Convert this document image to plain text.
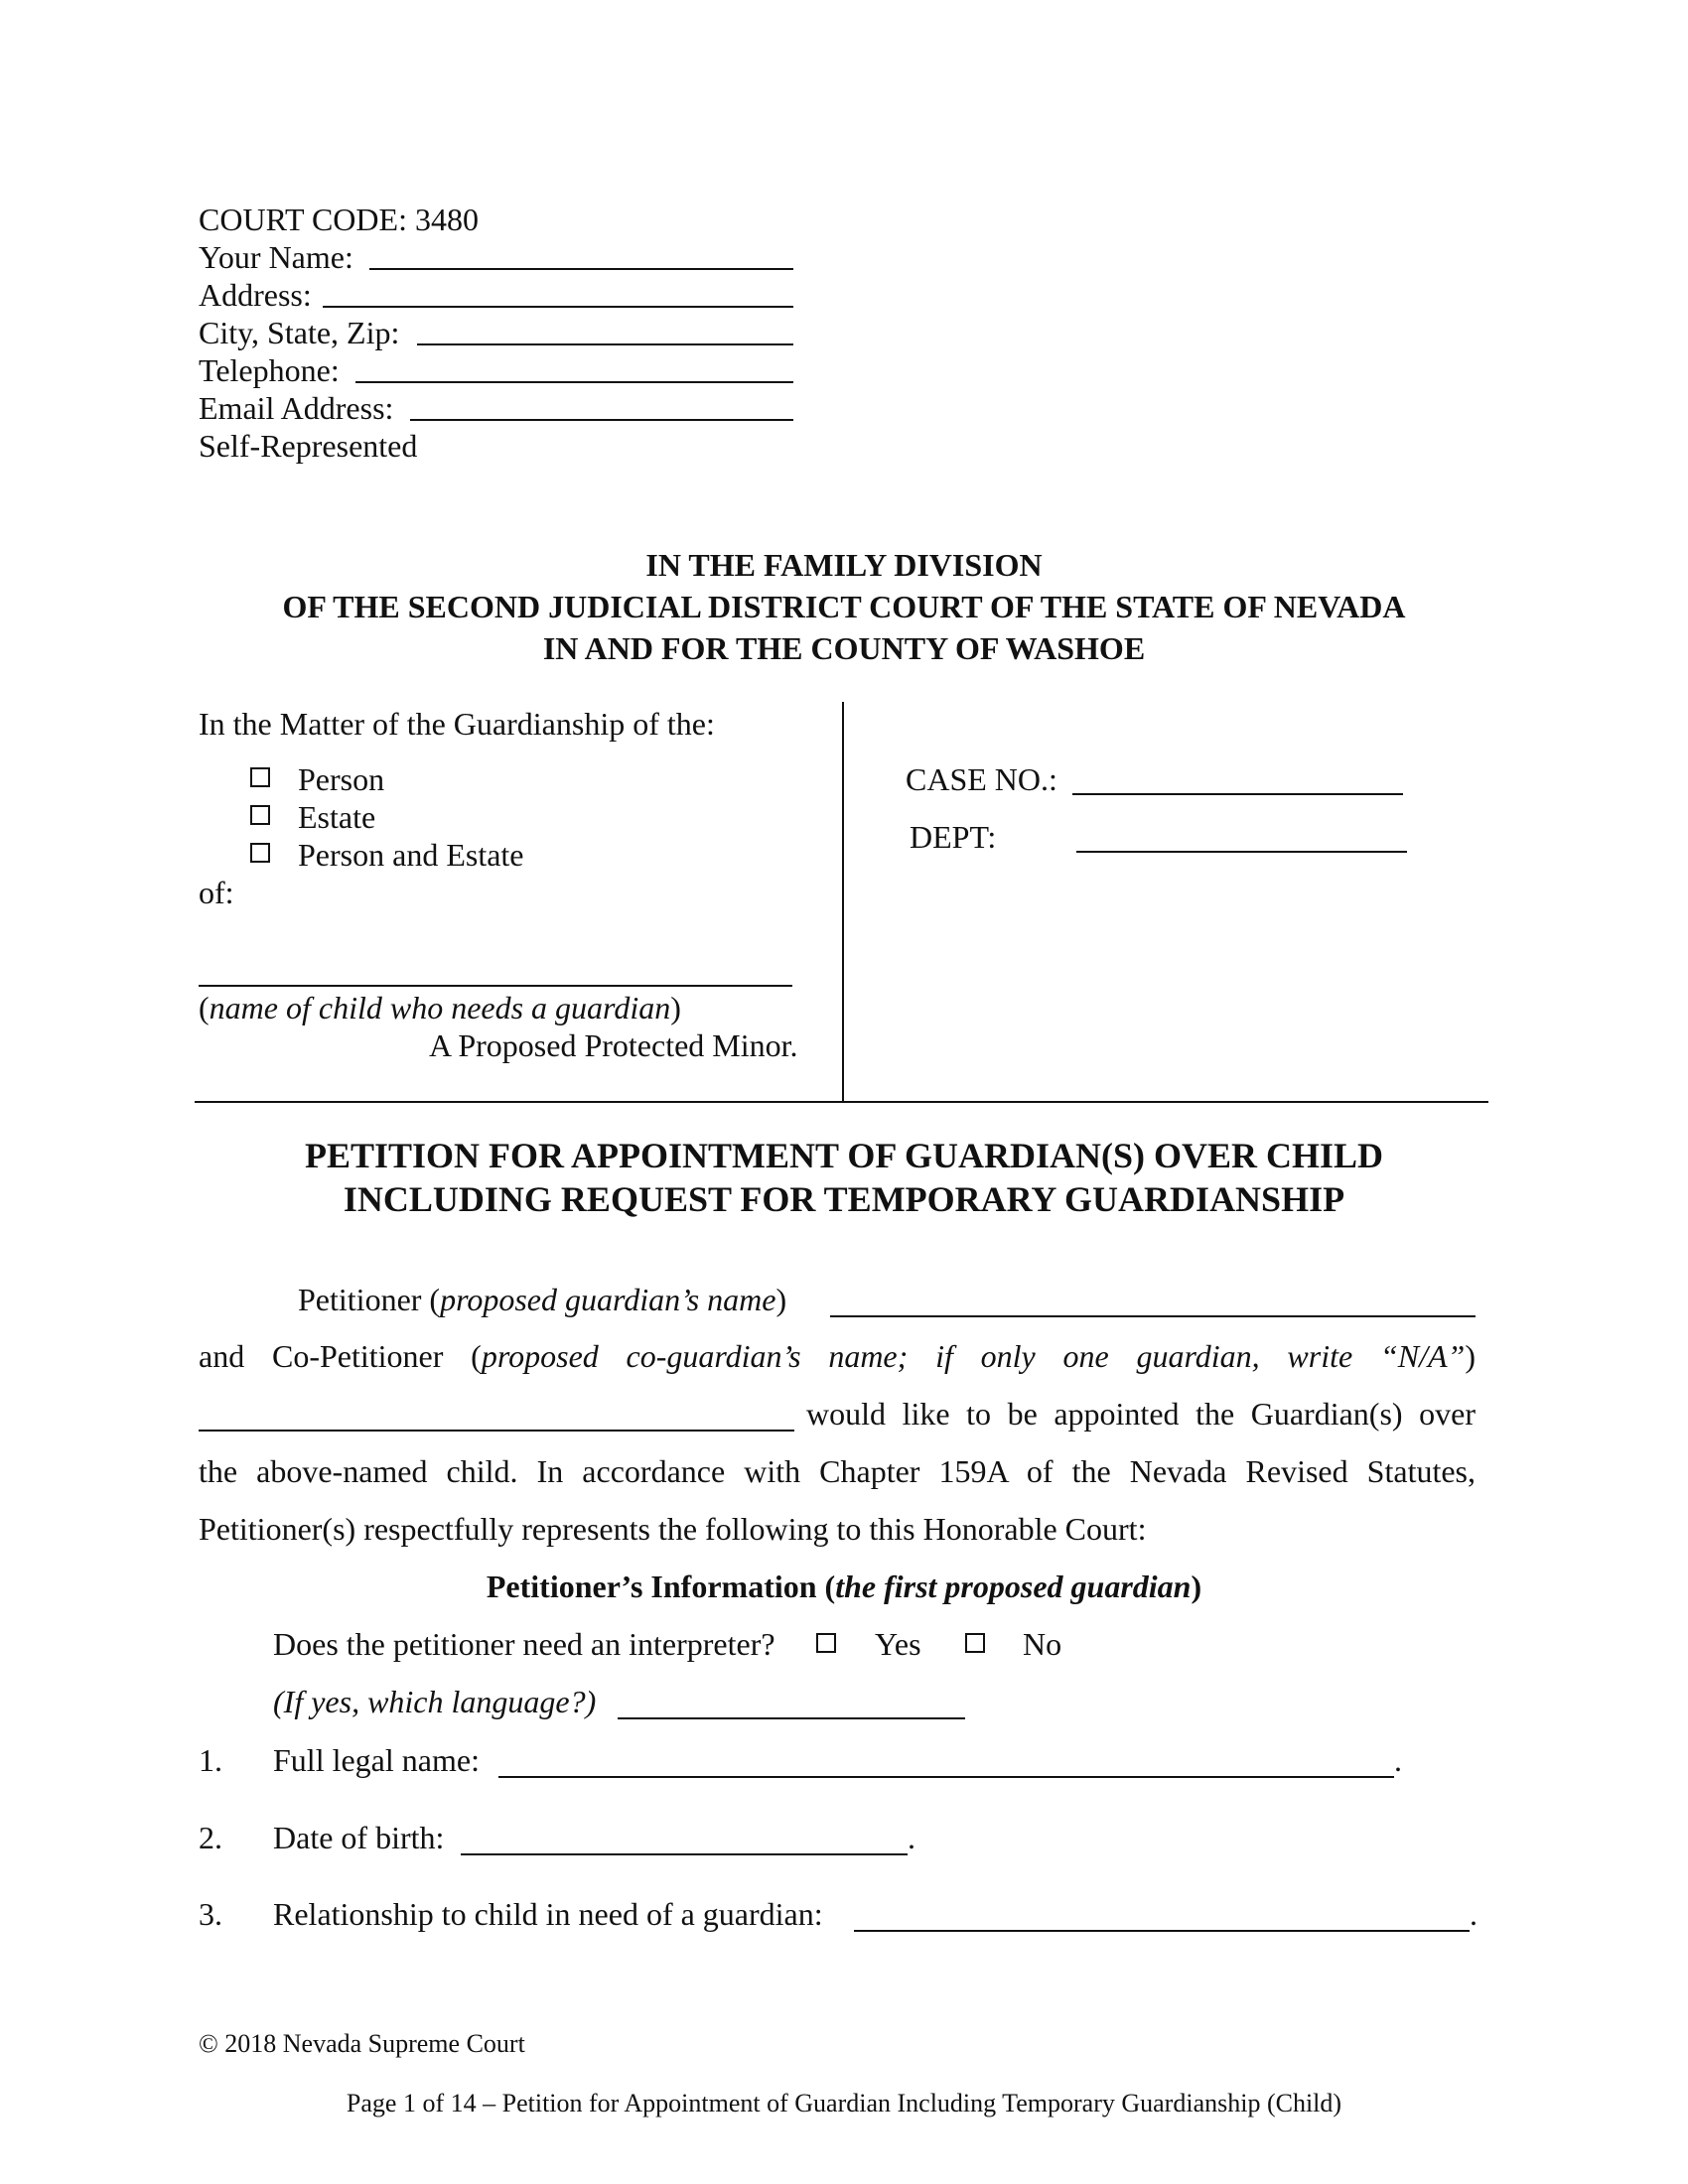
COURT CODE: 3480
Your Name:
Address:
City, State, Zip:
Telephone:
Email Address:
Self-Represented
IN THE FAMILY DIVISION
OF THE SECOND JUDICIAL DISTRICT COURT OF THE STATE OF NEVADA
IN AND FOR THE COUNTY OF WASHOE
In the Matter of the Guardianship of the:
Person
Estate
Person and Estate
of:
(name of child who needs a guardian)
A Proposed Protected Minor.
CASE NO.:
DEPT:
PETITION FOR APPOINTMENT OF GUARDIAN(S) OVER CHILD
INCLUDING REQUEST FOR TEMPORARY GUARDIANSHIP
Petitioner (proposed guardian’s name)
and Co-Petitioner (proposed co-guardian’s name; if only one guardian, write “N/A”)
would like to be appointed the Guardian(s) over
the above-named child. In accordance with Chapter 159A of the Nevada Revised Statutes,
Petitioner(s) respectfully represents the following to this Honorable Court:
Petitioner’s Information (the first proposed guardian)
Does the petitioner need an interpreter?	Yes	No
(If yes, which language?)
1. Full legal name:	.
2. Date of birth:	.
3. Relationship to child in need of a guardian:	.
© 2018 Nevada Supreme Court
Page 1 of 14 – Petition for Appointment of Guardian Including Temporary Guardianship (Child)
